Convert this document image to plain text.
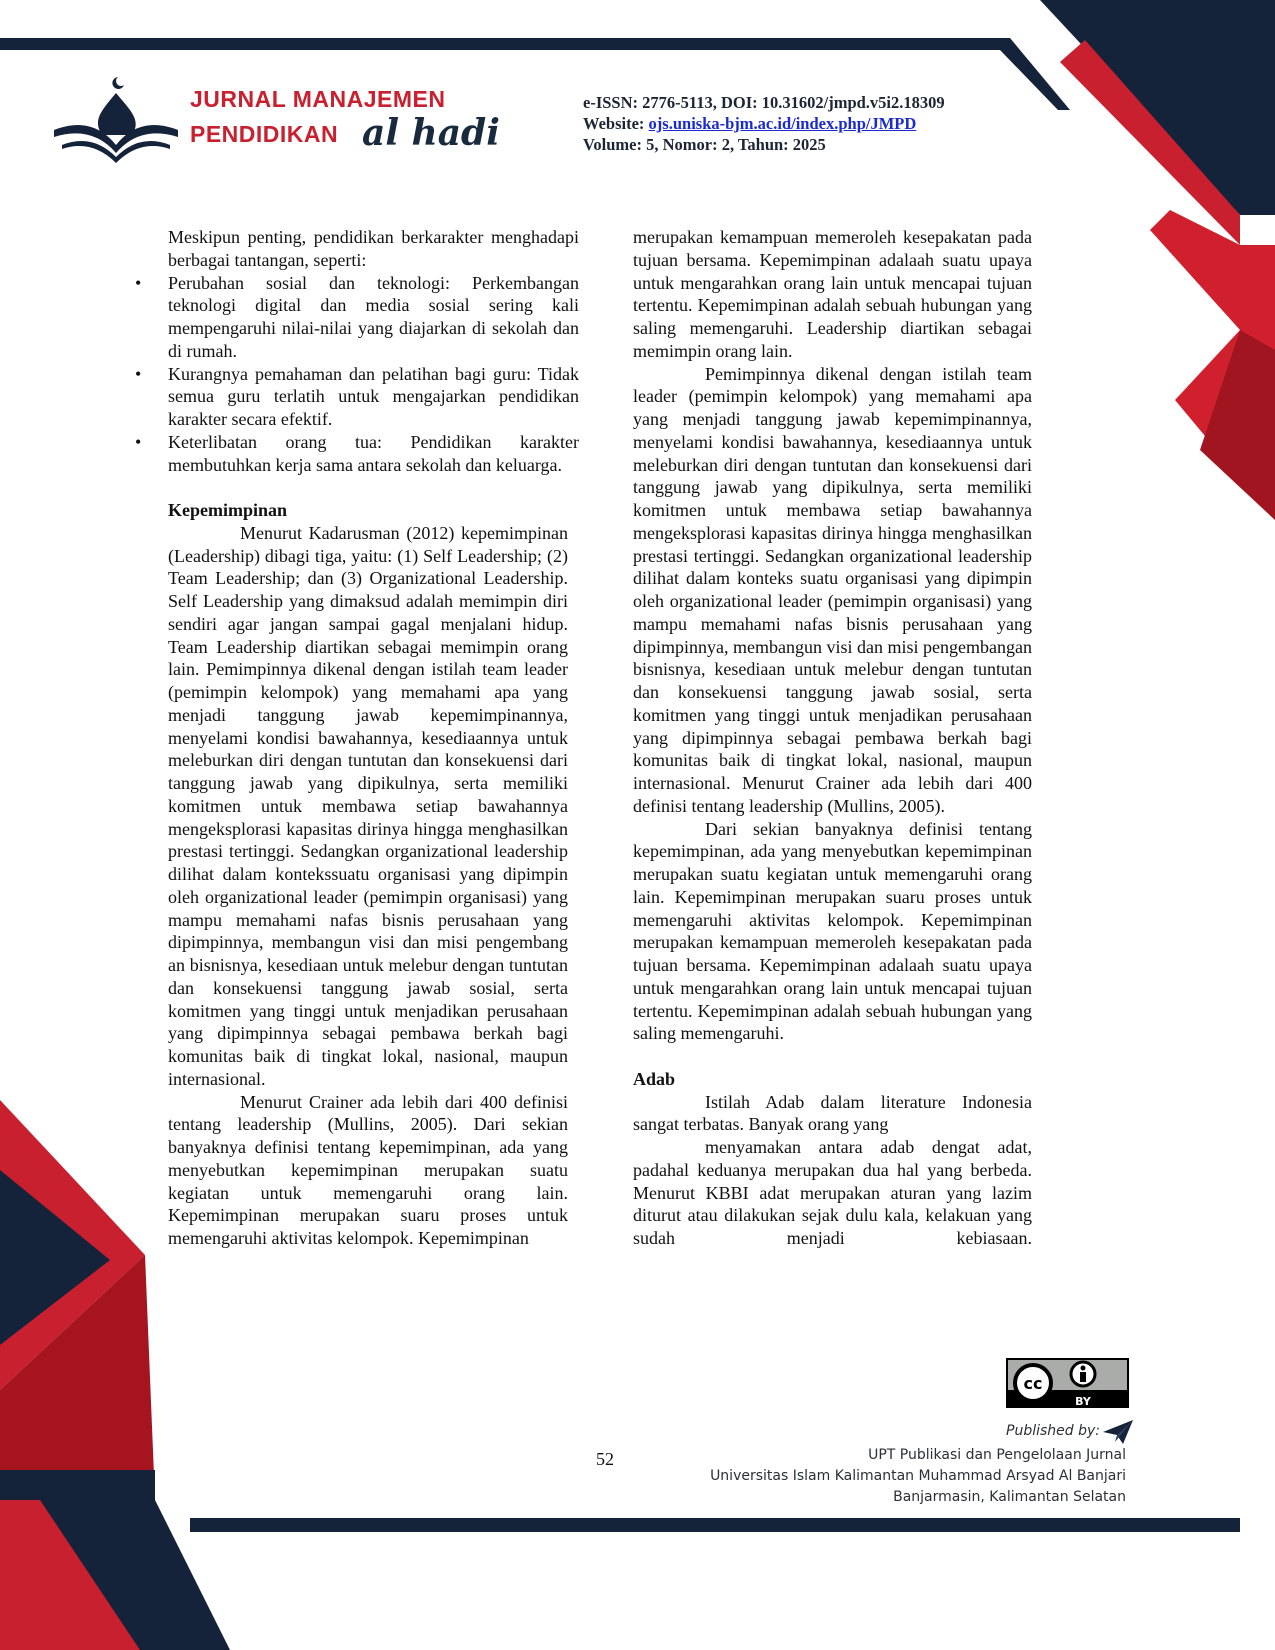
JURNAL MANAJEMEN
PENDIDIKAN al hadi
e-ISSN: 2776-5113, DOI: 10.31602/jmpd.v5i2.18309
Website: ojs.uniska-bjm.ac.id/index.php/JMPD
Volume: 5, Nomor: 2, Tahun: 2025

Meskipun penting, pendidikan berkarakter menghadapi berbagai tantangan, seperti:

• Perubahan sosial dan teknologi: Perkembangan teknologi digital dan media sosial sering kali mempengaruhi nilai-nilai yang diajarkan di sekolah dan di rumah.
• Kurangnya pemahaman dan pelatihan bagi guru: Tidak semua guru terlatih untuk mengajarkan pendidikan karakter secara efektif.
• Keterlibatan orang tua: Pendidikan karakter membutuhkan kerja sama antara sekolah dan keluarga.
Kepemimpinan

Menurut Kadarusman (2012) kepemimpinan (Leadership) dibagi tiga, yaitu: (1) Self Leadership; (2) Team Leadership; dan (3) Organizational Leadership. Self Leadership yang dimaksud adalah memimpin diri sendiri agar jangan sampai gagal menjalani hidup. Team Leadership diartikan sebagai memimpin orang lain. Pemimpinnya dikenal dengan istilah team leader (pemimpin kelompok) yang memahami apa yang menjadi tanggung jawab kepemimpinannya, menyelami kondisi bawahannya, kesediaannya untuk meleburkan diri dengan tuntutan dan konsekuensi dari tanggung jawab yang dipikulnya, serta memiliki komitmen untuk membawa setiap bawahannya mengeksplorasi kapasitas dirinya hingga menghasilkan prestasi tertinggi. Sedangkan organizational leadership dilihat dalam kontekssuatu organisasi yang dipimpin oleh organizational leader (pemimpin organisasi) yang mampu memahami nafas bisnis perusahaan yang dipimpinnya, membangun visi dan misi pengembang an bisnisnya, kesediaan untuk melebur dengan tuntutan dan konsekuensi tanggung jawab sosial, serta komitmen yang tinggi untuk menjadikan perusahaan yang dipimpinnya sebagai pembawa berkah bagi komunitas baik di tingkat lokal, nasional, maupun internasional.

Menurut Crainer ada lebih dari 400 definisi tentang leadership (Mullins, 2005). Dari sekian banyaknya definisi tentang kepemimpinan, ada yang menyebutkan kepemimpinan merupakan suatu kegiatan untuk memengaruhi orang lain. Kepemimpinan merupakan suaru proses untuk memengaruhi aktivitas kelompok. Kepemimpinan

merupakan kemampuan memeroleh kesepakatan pada tujuan bersama. Kepemimpinan adalaah suatu upaya untuk mengarahkan orang lain untuk mencapai tujuan tertentu. Kepemimpinan adalah sebuah hubungan yang saling memengaruhi. Leadership diartikan sebagai memimpin orang lain.

Pemimpinnya dikenal dengan istilah team leader (pemimpin kelompok) yang memahami apa yang menjadi tanggung jawab kepemimpinannya, menyelami kondisi bawahannya, kesediaannya untuk meleburkan diri dengan tuntutan dan konsekuensi dari tanggung jawab yang dipikulnya, serta memiliki komitmen untuk membawa setiap bawahannya mengeksplorasi kapasitas dirinya hingga menghasilkan prestasi tertinggi. Sedangkan organizational leadership dilihat dalam konteks suatu organisasi yang dipimpin oleh organizational leader (pemimpin organisasi) yang mampu memahami nafas bisnis perusahaan yang dipimpinnya, membangun visi dan misi pengembangan bisnisnya, kesediaan untuk melebur dengan tuntutan dan konsekuensi tanggung jawab sosial, serta komitmen yang tinggi untuk menjadikan perusahaan yang dipimpinnya sebagai pembawa berkah bagi komunitas baik di tingkat lokal, nasional, maupun internasional. Menurut Crainer ada lebih dari 400 definisi tentang leadership (Mullins, 2005).

Dari sekian banyaknya definisi tentang kepemimpinan, ada yang menyebutkan kepemimpinan merupakan suatu kegiatan untuk memengaruhi orang lain. Kepemimpinan merupakan suaru proses untuk memengaruhi aktivitas kelompok. Kepemimpinan merupakan kemampuan memeroleh kesepakatan pada tujuan bersama. Kepemimpinan adalaah suatu upaya untuk mengarahkan orang lain untuk mencapai tujuan tertentu. Kepemimpinan adalah sebuah hubungan yang saling memengaruhi.

Adab

Istilah Adab dalam literature Indonesia sangat terbatas. Banyak orang yang

menyamakan antara adab dengat adat, padahal keduanya merupakan dua hal yang berbeda. Menurut KBBI adat merupakan aturan yang lazim diturut atau dilakukan sejak dulu kala, kelakuan yang sudah menjadi kebiasaan.

cc
BY
Published by:
UPT Publikasi dan Pengelolaan Jurnal
Universitas Islam Kalimantan Muhammad Arsyad Al Banjari
Banjarmasin, Kalimantan Selatan
52
